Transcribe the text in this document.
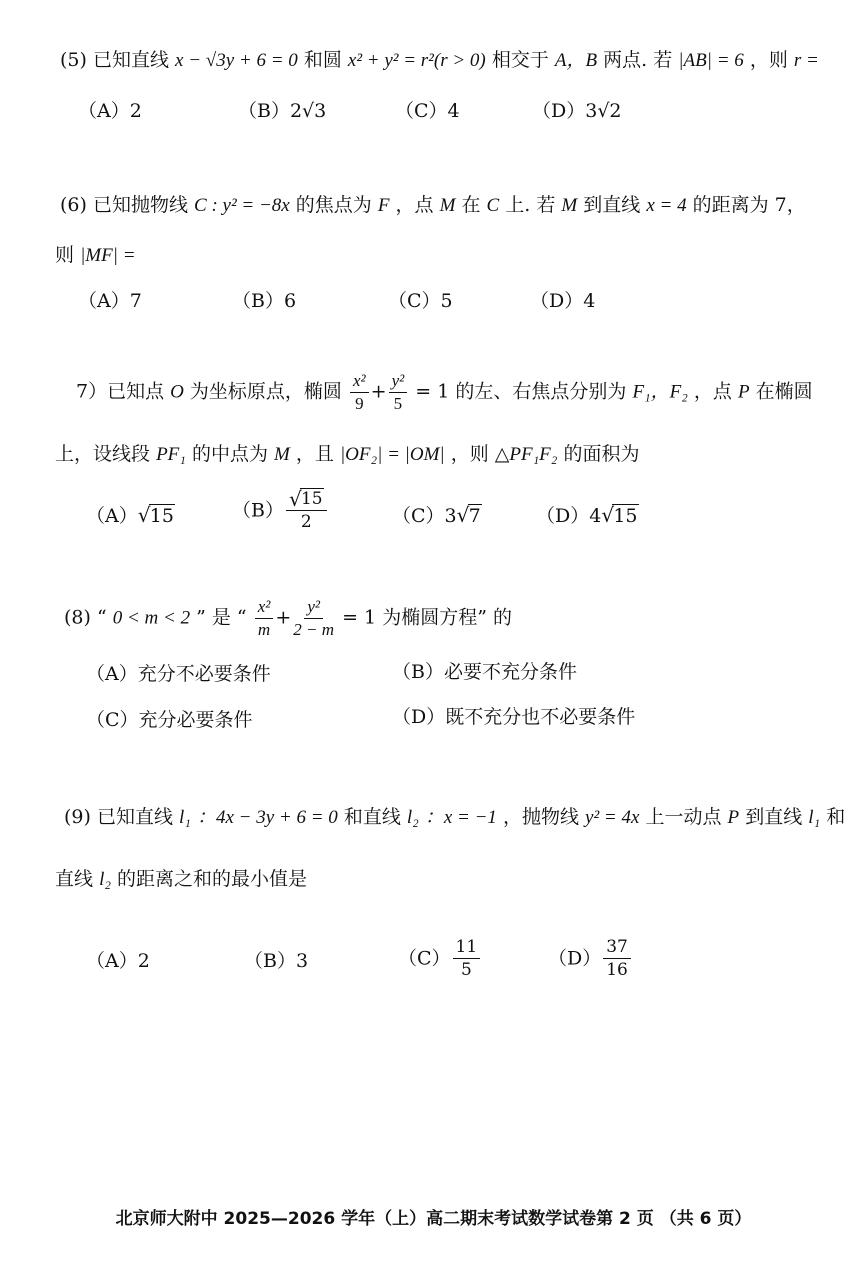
(5) 已知直线 x − √3y + 6 = 0 和圆 x² + y² = r²(r > 0) 相交于 A，B 两点. 若 |AB| = 6 ，则 r =
（A）2	（B）2√3	（C）4	（D）3√2
(6) 已知抛物线 C : y² = −8x 的焦点为 F ，点 M 在 C 上. 若 M 到直线 x = 4 的距离为 7，
则 |MF| =
（A）7	（B）6	（C）5	（D）4
7）已知点 O 为坐标原点，椭圆 $\frac{\text{x²}}{9} + \frac{\text{y²}}{5} = 1$ 的左、右焦点分别为 F₁，F₂ ，点 P 在椭圆
上，设线段 PF₁ 的中点为 M ，且 |OF₂| = |OM| ，则 △PF₁F₂ 的面积为
（A） √ 15	（B） √ $\frac{15}{2}$	（C）3 √ 7	（D）4 √ 15
(8) “ 0 < m < 2 ” 是 “ $\frac{\text{x²}}{m} + \frac{\text{y²}}{2 - m} = 1$ 为椭圆方程” 的
（A）充分不必要条件	（B）必要不充分条件
（C）充分必要条件	（D）既不充分也不必要条件
(9) 已知直线 l₁ ：4x − 3y + 6 = 0 和直线 l₂ ：x = −1 ，抛物线 y² = 4x 上一动点 P 到直线 l₁ 和
直线 l₂ 的距离之和的最小值是
（A）2	（B）3	$(C) \frac{11}{5}$	$(D) \frac{37}{16}$
北京师大附中 2025—2026 学年（上）高二期末考试数学试卷第 2 页 （共 6 页）
